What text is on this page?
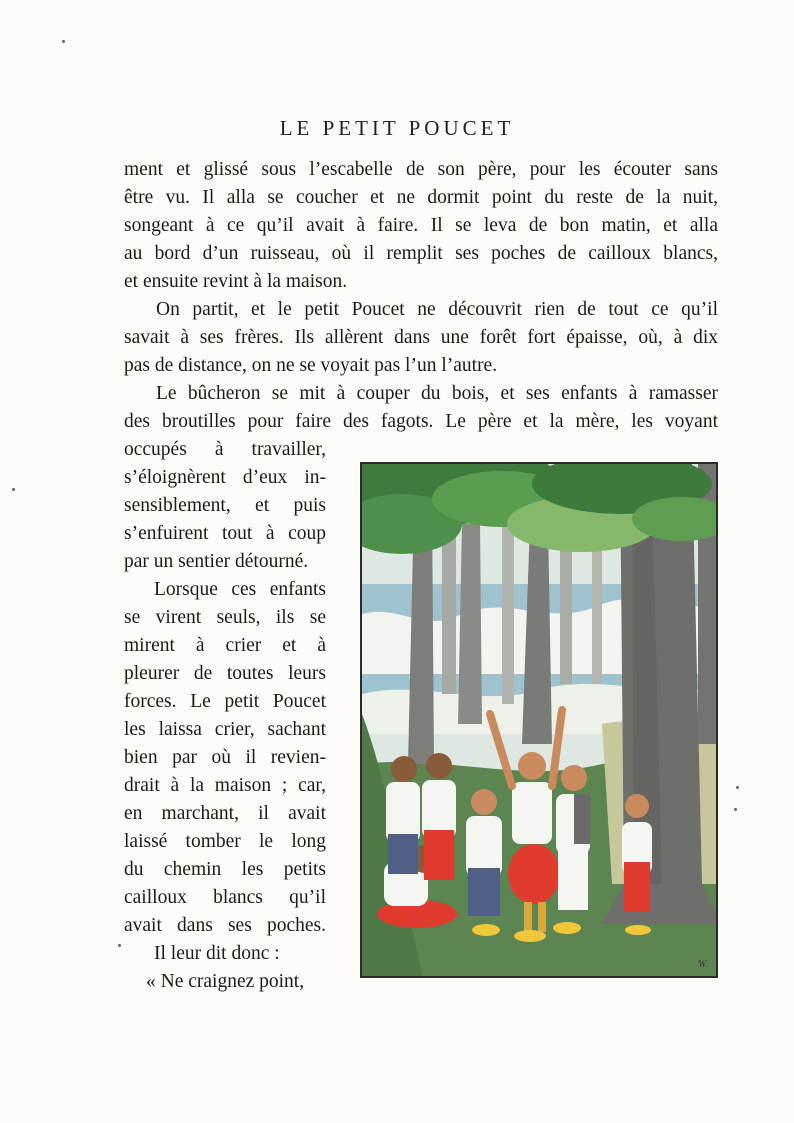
LE PETIT POUCET
ment et glissé sous l’escabelle de son père, pour les écouter sans
être vu. Il alla se coucher et ne dormit point du reste de la nuit,
songeant à ce qu’il avait à faire. Il se leva de bon matin, et alla
au bord d’un ruisseau, où il remplit ses poches de cailloux blancs,
et ensuite revint à la maison.
On partit, et le petit Poucet ne découvrit rien de tout ce qu’il
savait à ses frères. Ils allèrent dans une forêt fort épaisse, où, à dix
pas de distance, on ne se voyait pas l’un l’autre.
Le bûcheron se mit à couper du bois, et ses enfants à ramasser
des broutilles pour faire des fagots. Le père et la mère, les voyant
occupés à travailler,
s’éloignèrent d’eux in-
sensiblement, et puis
s’enfuirent tout à coup
par un sentier détourné.
Lorsque ces enfants
se virent seuls, ils se
mirent à crier et à
pleurer de toutes leurs
forces. Le petit Poucet
les laissa crier, sachant
bien par où il revien-
drait à la maison ; car,
en marchant, il avait
laissé tomber le long
du chemin les petits
cailloux blancs qu’il
avait dans ses poches.
Il leur dit donc :
« Ne craignez point,
W.
